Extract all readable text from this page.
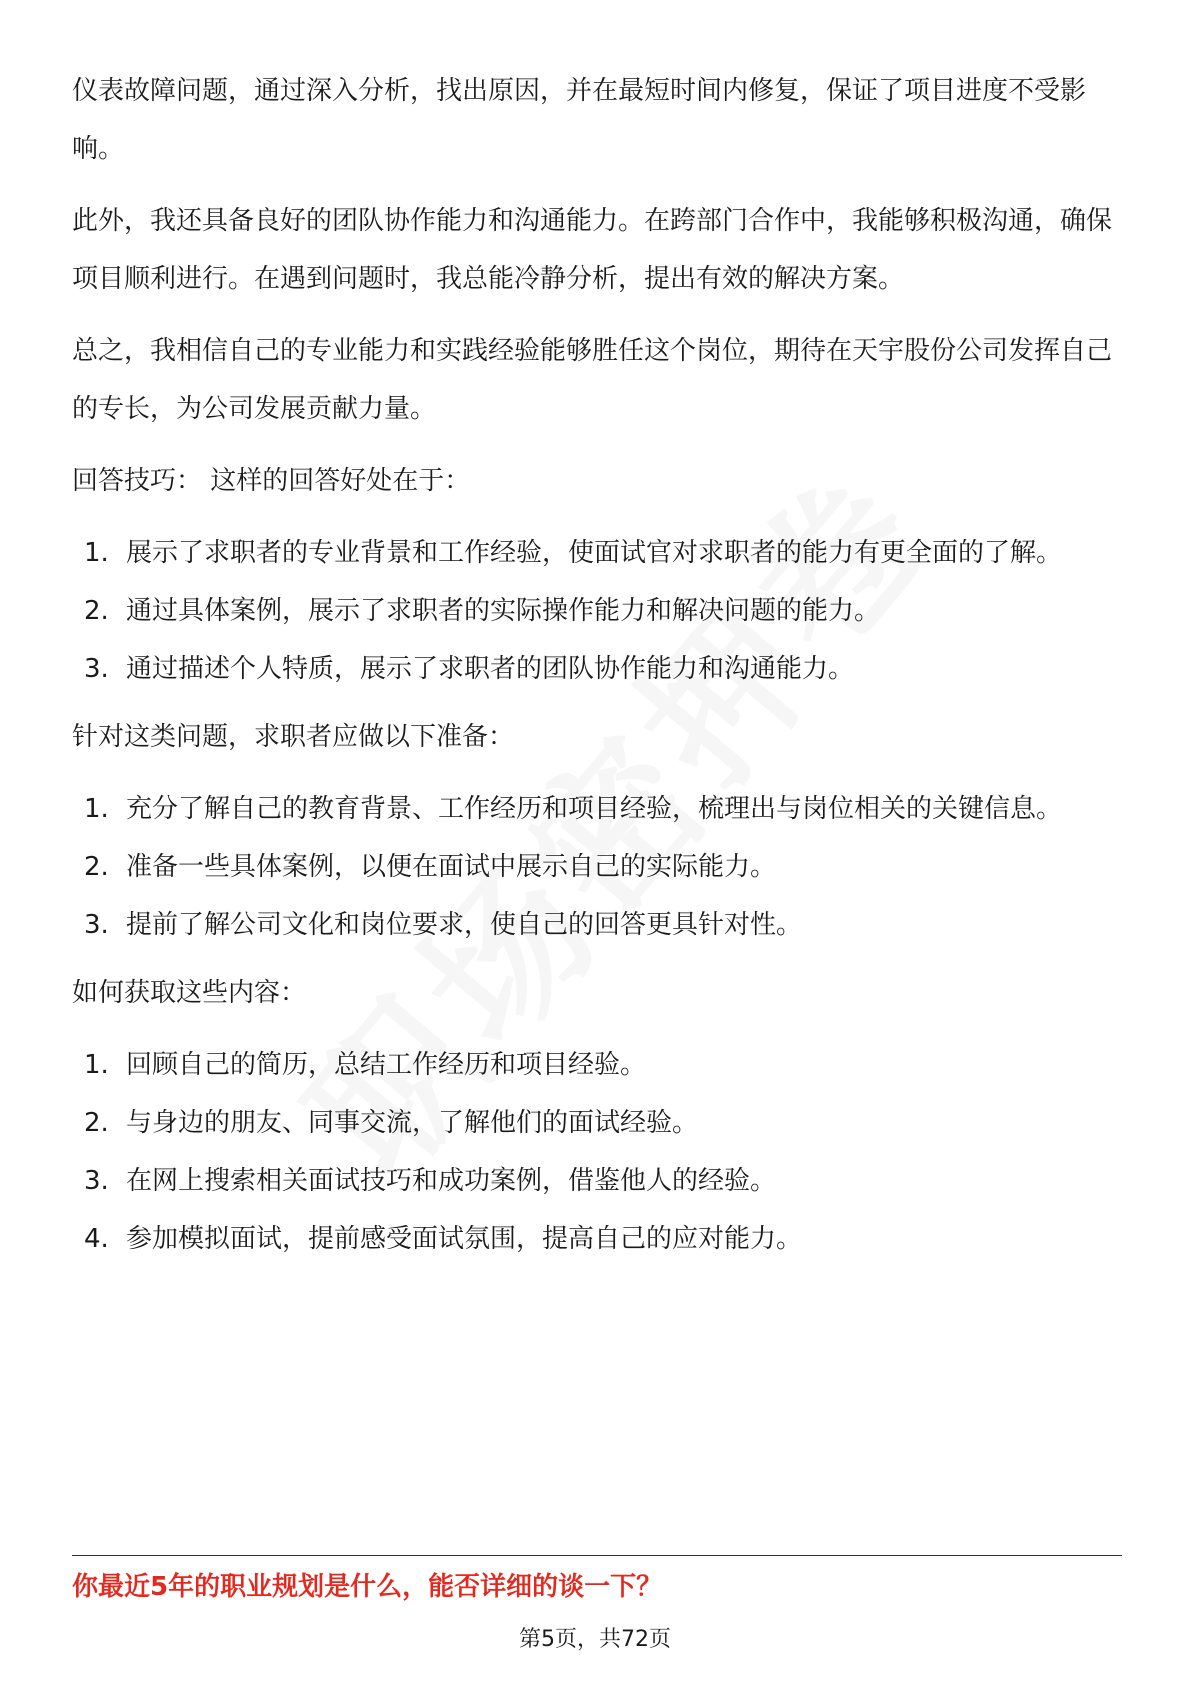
仪表故障问题，通过深入分析，找出原因，并在最短时间内修复，保证了项目进度不受影响。

此外，我还具备良好的团队协作能力和沟通能力。在跨部门合作中，我能够积极沟通，确保项目顺利进行。在遇到问题时，我总能冷静分析，提出有效的解决方案。

总之，我相信自己的专业能力和实践经验能够胜任这个岗位，期待在天宇股份公司发挥自己的专长，为公司发展贡献力量。

回答技巧： 这样的回答好处在于：

1. 展示了求职者的专业背景和工作经验，使面试官对求职者的能力有更全面的了解。
2. 通过具体案例，展示了求职者的实际操作能力和解决问题的能力。
3. 通过描述个人特质，展示了求职者的团队协作能力和沟通能力。

针对这类问题，求职者应做以下准备：

1. 充分了解自己的教育背景、工作经历和项目经验，梳理出与岗位相关的关键信息。
2. 准备一些具体案例，以便在面试中展示自己的实际能力。
3. 提前了解公司文化和岗位要求，使自己的回答更具针对性。

如何获取这些内容：

1. 回顾自己的简历，总结工作经历和项目经验。
2. 与身边的朋友、同事交流，了解他们的面试经验。
3. 在网上搜索相关面试技巧和成功案例，借鉴他人的经验。
4. 参加模拟面试，提前感受面试氛围，提高自己的应对能力。
你最近5年的职业规划是什么，能否详细的谈一下？
第5页，共72页
